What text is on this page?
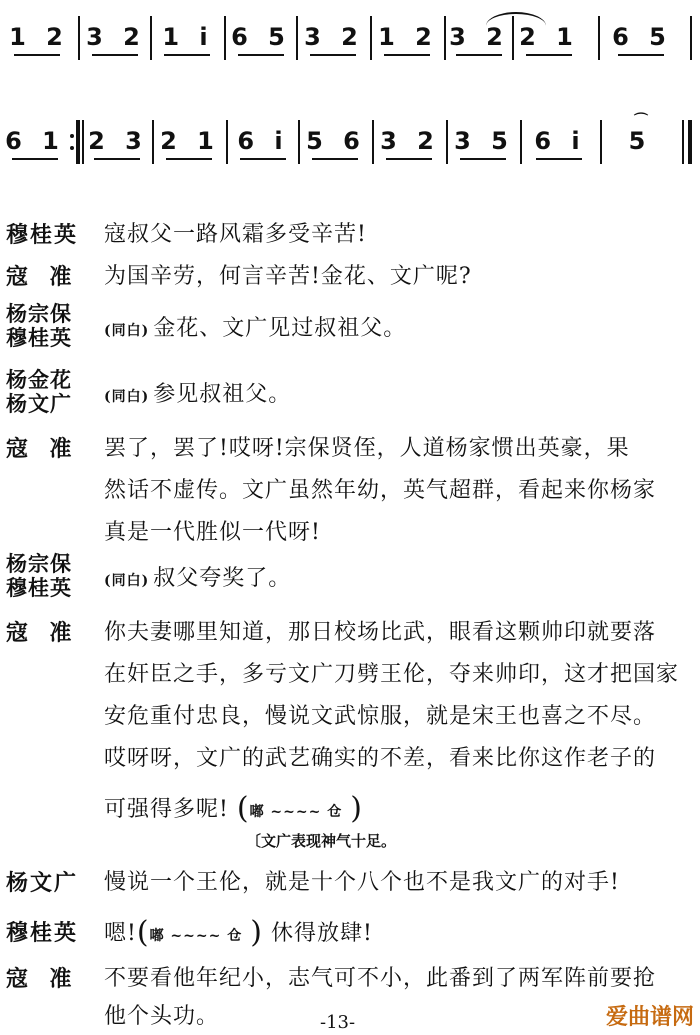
1 2 3 2 1 i 6 5 3 2 1 2 3 2 2 1	6 5
6 1 2 3 2 1 6 i 5 6 3 2 3 5 6 i
⌒
5
穆桂英 寇叔父一路风霜多受辛苦!
寇  准 为国辛劳，何言辛苦!金花、文广呢?
杨宗保
穆桂英 (同白) 金花、文广见过叔祖父。
杨金花
杨文广 (同白) 参见叔祖父。
寇  准 罢了，罢了!哎呀!宗保贤侄，人道杨家惯出英豪，果
然话不虚传。文广虽然年幼，英气超群，看起来你杨家
真是一代胜似一代呀!
杨宗保
穆桂英 (同白) 叔父夸奖了。
寇  准 你夫妻哪里知道，那日校场比武，眼看这颗帅印就要落
在奸臣之手，多亏文广刀劈王伦，夺来帅印，这才把国家
安危重付忠良，慢说文武惊服，就是宋王也喜之不尽。
哎呀呀，文广的武艺确实的不差，看来比你这作老子的
可强得多呢! (嘟 ~~~~ 仓 )
〔文广表现神气十足。
杨文广 慢说一个王伦，就是十个八个也不是我文广的对手!
穆桂英 嗯!(嘟 ~~~~ 仓 ) 休得放肆!
寇  准 不要看他年纪小，志气可不小，此番到了两军阵前要抢
他个头功。	-13-	爱曲谱网
